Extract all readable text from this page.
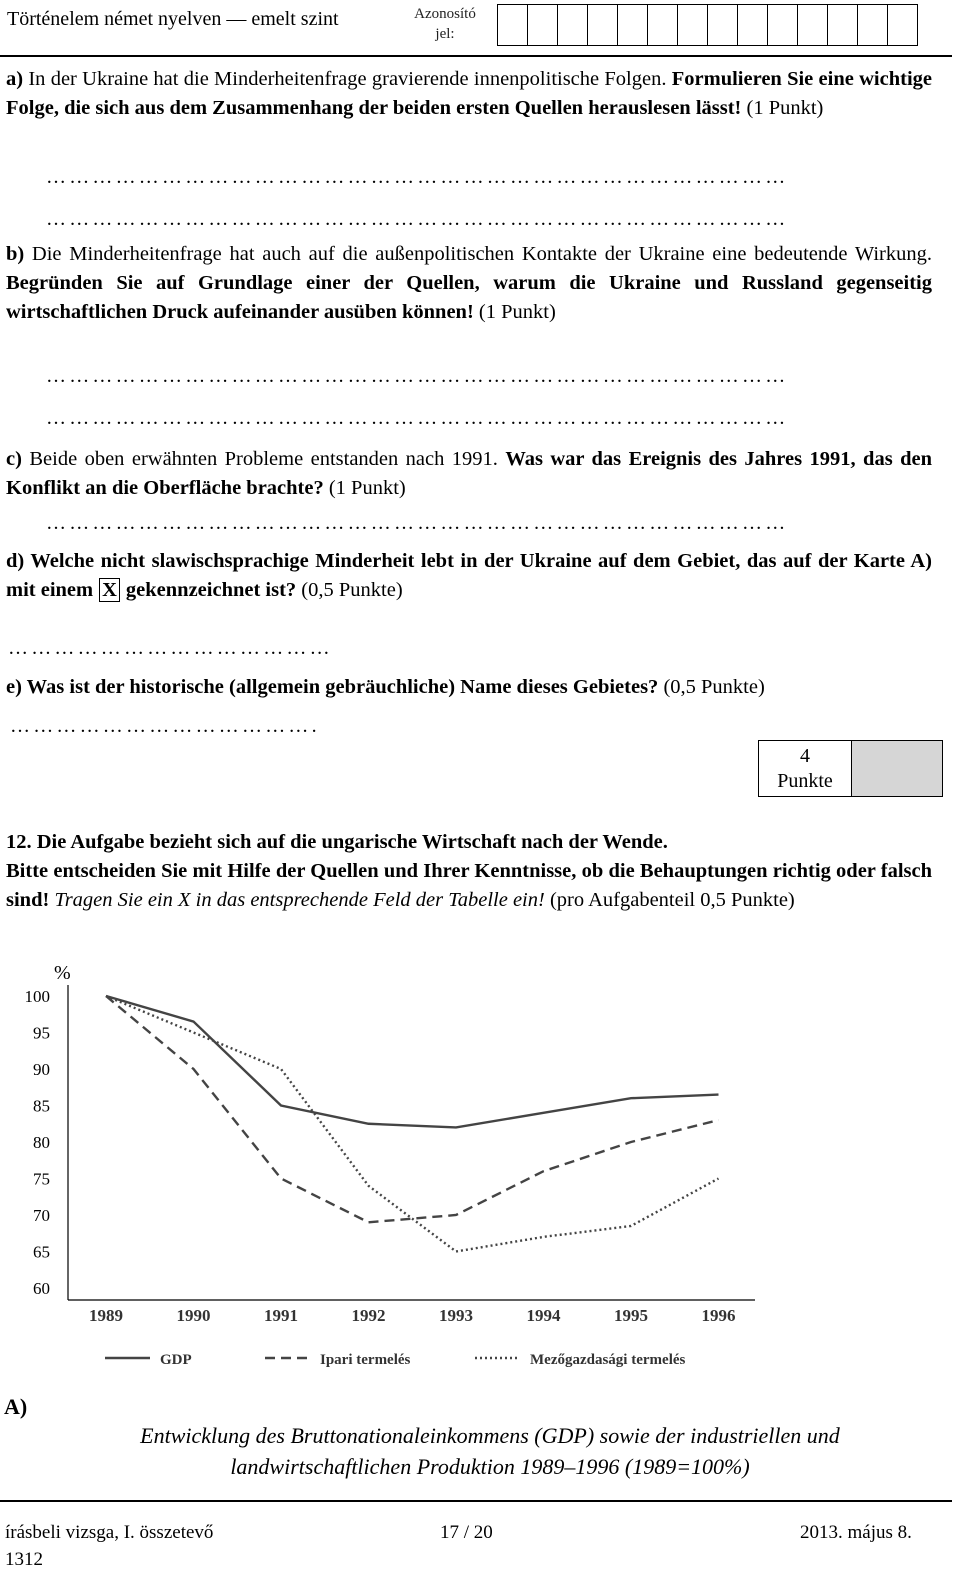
Történelem német nyelven — emelt szint	Azonosító jel:
a) In der Ukraine hat die Minderheitenfrage gravierende innenpolitische Folgen. Formulieren Sie eine wichtige Folge, die sich aus dem Zusammenhang der beiden ersten Quellen herauslesen lässt! (1 Punkt)
……………………………………………………………………………………
……………………………………………………………………………………
b) Die Minderheitenfrage hat auch auf die außenpolitischen Kontakte der Ukraine eine bedeutende Wirkung. Begründen Sie auf Grundlage einer der Quellen, warum die Ukraine und Russland gegenseitig wirtschaftlichen Druck aufeinander ausüben können! (1 Punkt)
……………………………………………………………………………………
……………………………………………………………………………………
c) Beide oben erwähnten Probleme entstanden nach 1991. Was war das Ereignis des Jahres 1991, das den Konflikt an die Oberfläche brachte? (1 Punkt)
……………………………………………………………………………………
d) Welche nicht slawischsprachige Minderheit lebt in der Ukraine auf dem Gebiet, das auf der Karte A) mit einem X gekennzeichnet ist? (0,5 Punkte)
……………………………………
e) Was ist der historische (allgemein gebräuchliche) Name dieses Gebietes? (0,5 Punkte)
………………………………….
4
Punkte
12. Die Aufgabe bezieht sich auf die ungarische Wirtschaft nach der Wende.
Bitte entscheiden Sie mit Hilfe der Quellen und Ihrer Kenntnisse, ob die Behauptungen richtig oder falsch sind! Tragen Sie ein X in das entsprechende Feld der Tabelle ein! (pro Aufgabenteil 0,5 Punkte)
%
100
95
90
85
80
75
70
65
60
1989	1990	1991	1992	1993	1994	1995	1996
GDP	Ipari termelés	Mezőgazdasági termelés
A)
Entwicklung des Bruttonationaleinkommens (GDP) sowie der industriellen und
landwirtschaftlichen Produktion 1989–1996 (1989=100%)
írásbeli vizsga, I. összetevő	17 / 20	2013. május 8.
1312
